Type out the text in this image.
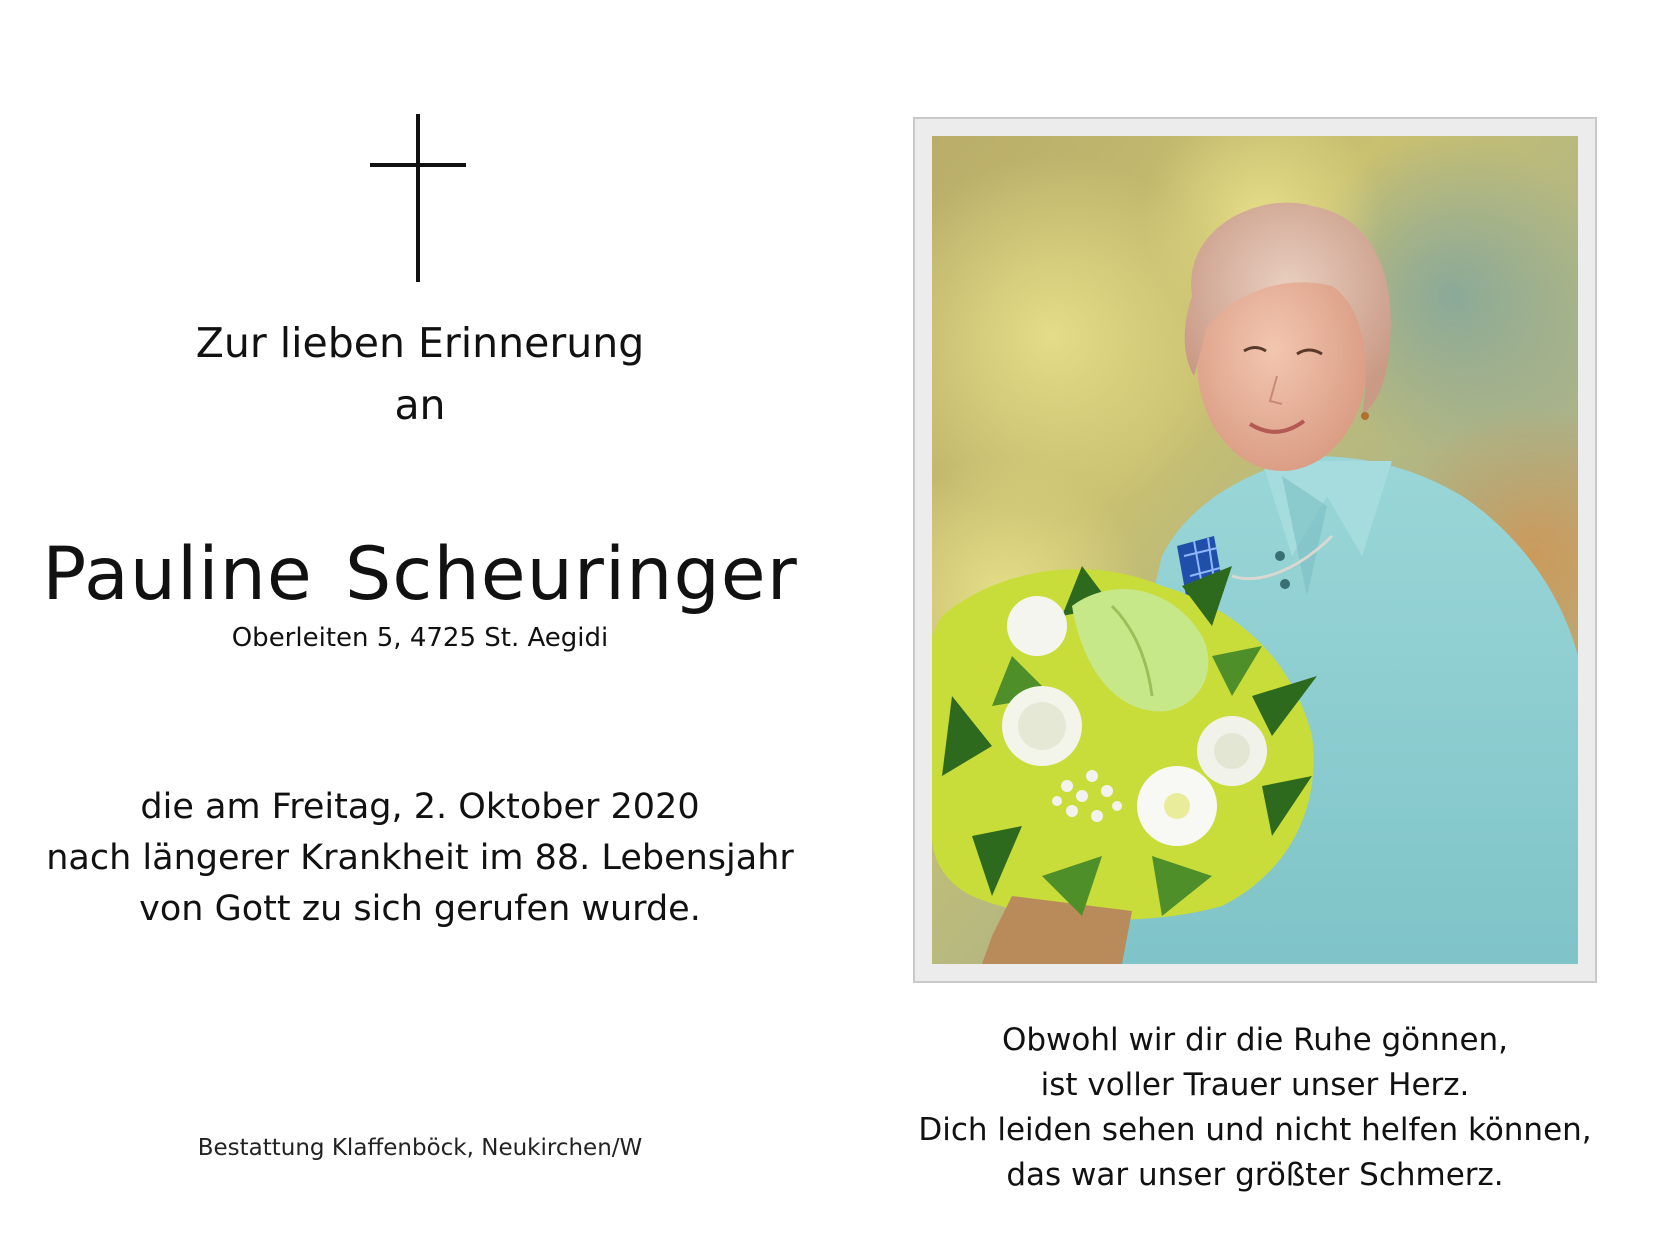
Zur lieben Erinnerung
an
Pauline Scheuringer
Oberleiten 5, 4725 St. Aegidi
die am Freitag, 2. Oktober 2020
nach längerer Krankheit im 88. Lebensjahr
von Gott zu sich gerufen wurde.
Bestattung Klaffenböck, Neukirchen/W
Obwohl wir dir die Ruhe gönnen,
ist voller Trauer unser Herz.
Dich leiden sehen und nicht helfen können,
das war unser größter Schmerz.
